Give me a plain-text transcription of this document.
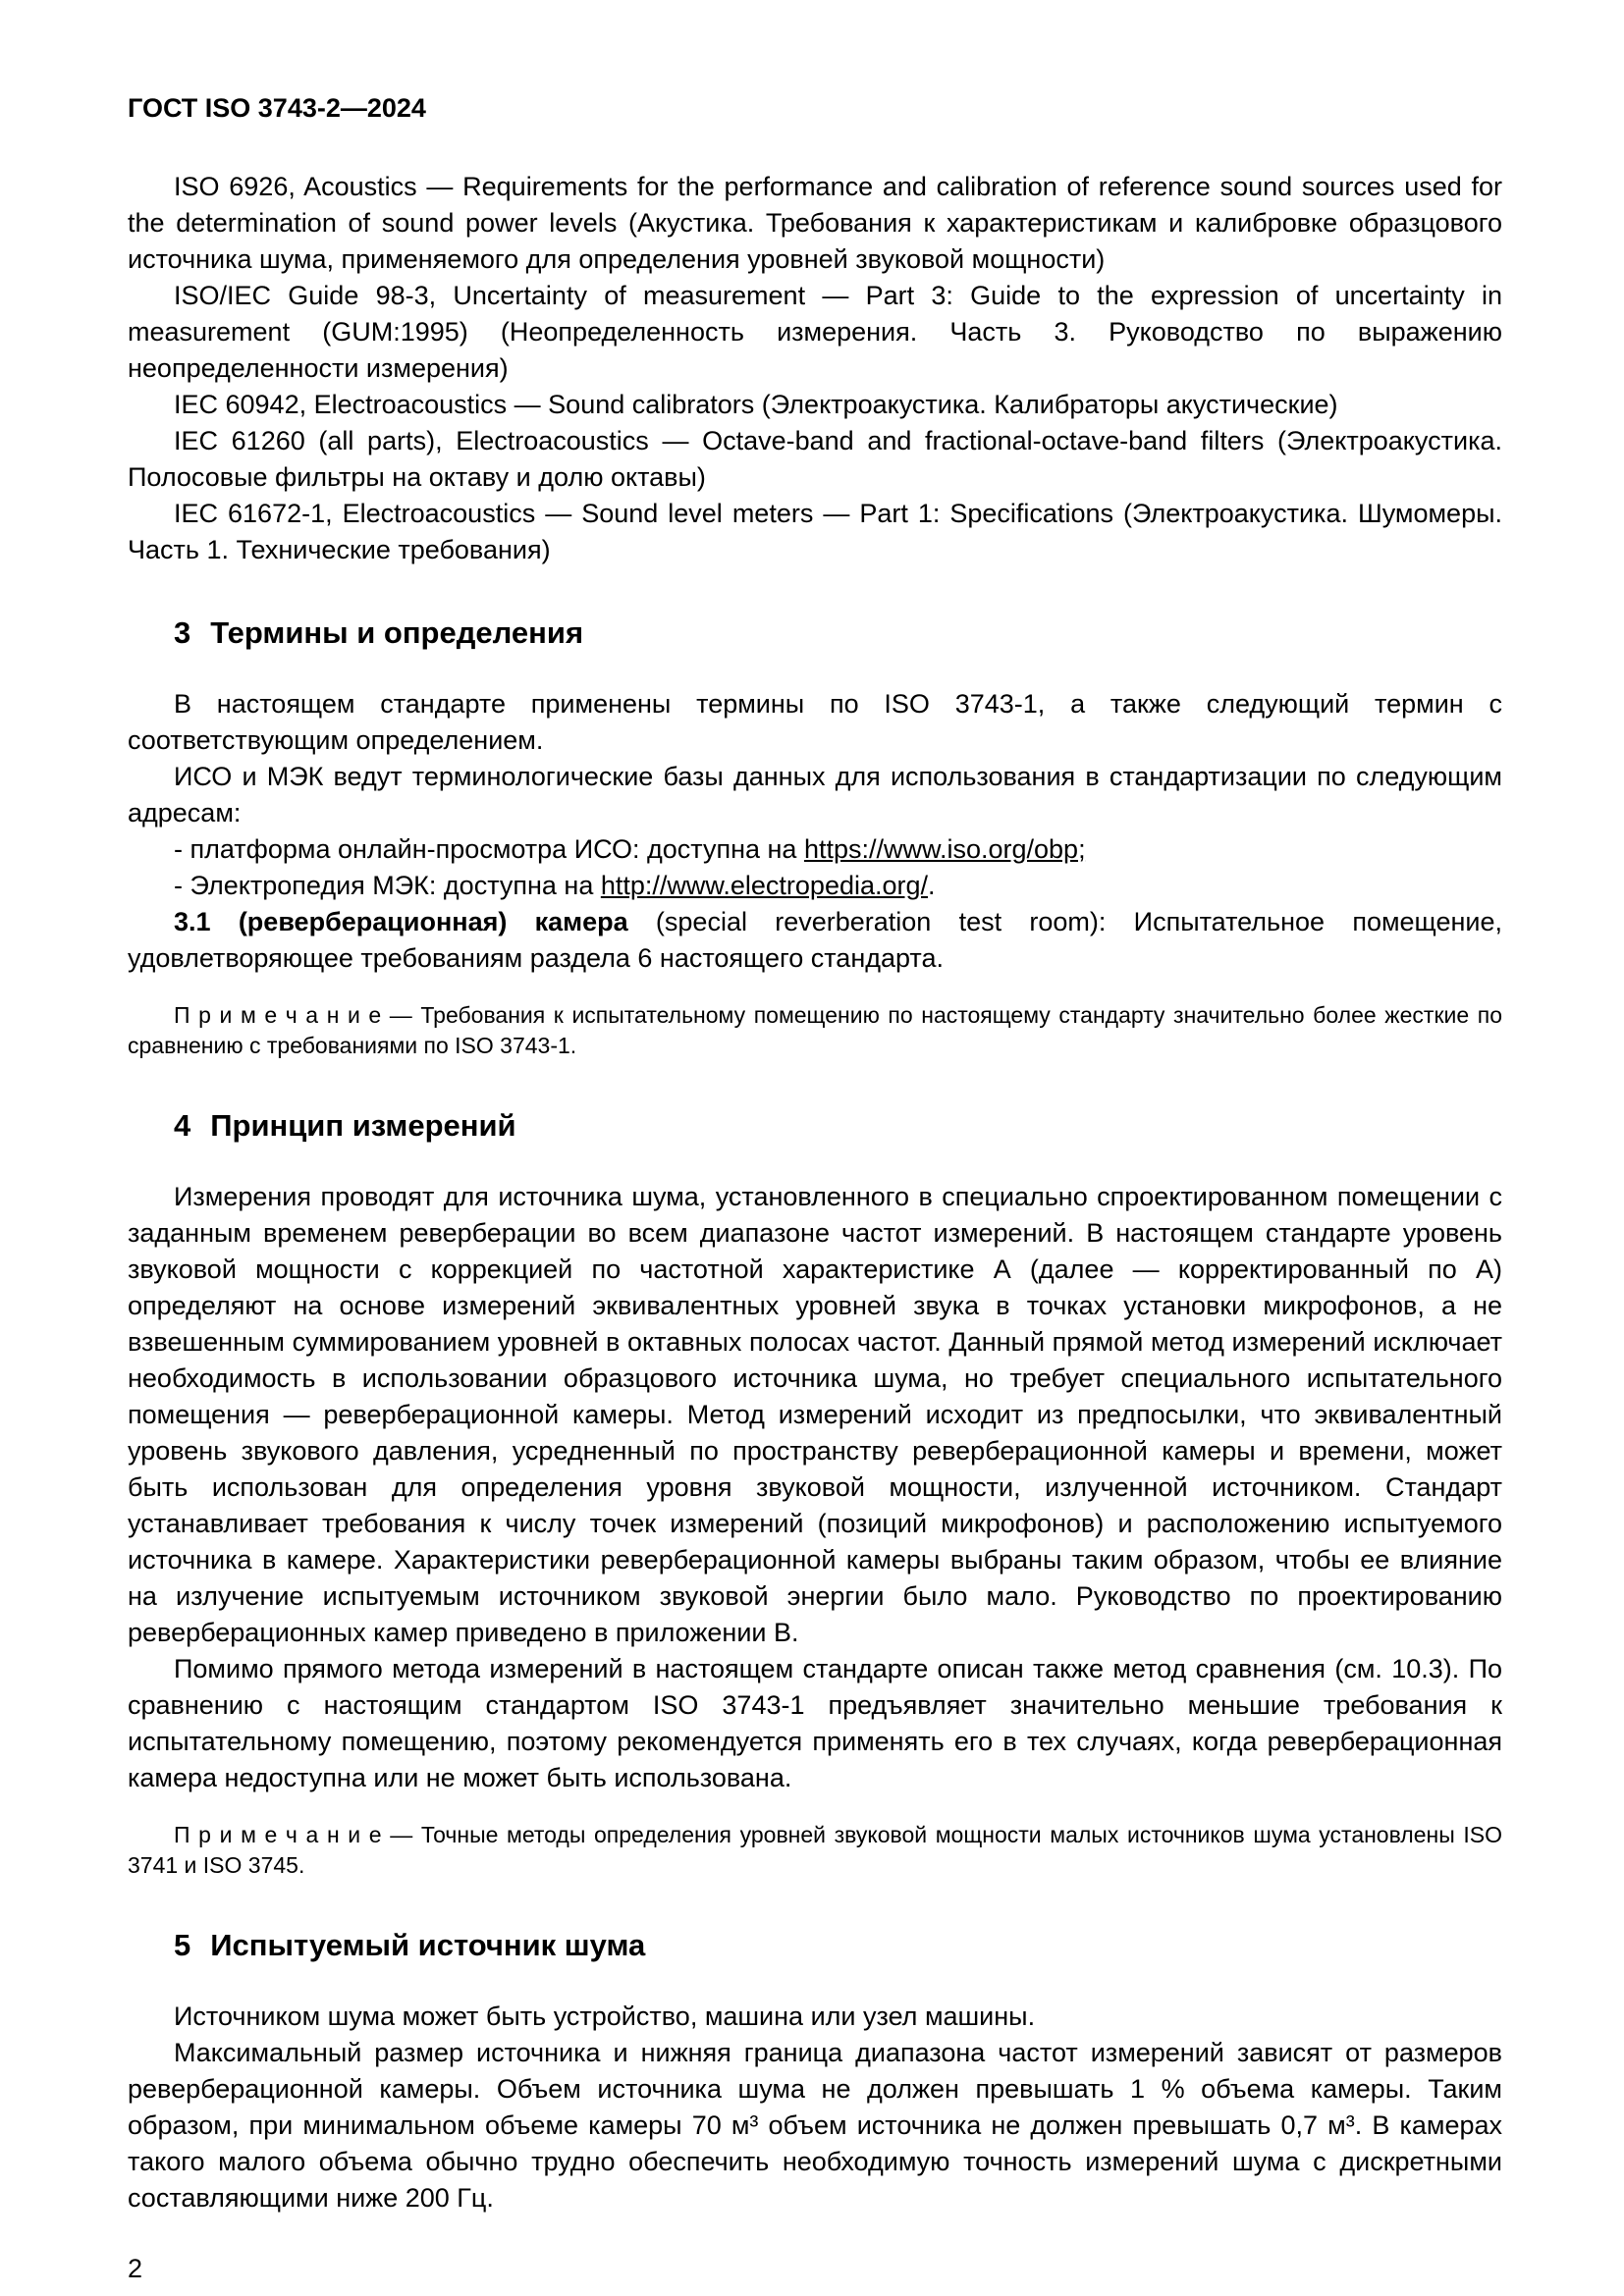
ГОСТ ISO 3743-2—2024

ISO 6926, Acoustics — Requirements for the performance and calibration of reference sound sources used for the determination of sound power levels (Акустика. Требования к характеристикам и калибровке образцового источника шума, применяемого для определения уровней звуковой мощности)

ISO/IEC Guide 98-3, Uncertainty of measurement — Part 3: Guide to the expression of uncertainty in measurement (GUM:1995) (Неопределенность измерения. Часть 3. Руководство по выражению неопределенности измерения)

IEC 60942, Electroacoustics — Sound calibrators (Электроакустика. Калибраторы акустические)

IEC 61260 (all parts), Electroacoustics — Octave-band and fractional-octave-band filters (Электроакустика. Полосовые фильтры на октаву и долю октавы)

IEC 61672-1, Electroacoustics — Sound level meters — Part 1: Specifications (Электроакустика. Шумомеры. Часть 1. Технические требования)

3 Термины и определения

В настоящем стандарте применены термины по ISO 3743-1, а также следующий термин с соответствующим определением.

ИСО и МЭК ведут терминологические базы данных для использования в стандартизации по следующим адресам:

- платформа онлайн-просмотра ИСО: доступна на https://www.iso.org/obp;

- Электропедия МЭК: доступна на http://www.electropedia.org/.

3.1 (реверберационная) камера (special reverberation test room): Испытательное помещение, удовлетворяющее требованиям раздела 6 настоящего стандарта.

П р и м е ч а н и е — Требования к испытательному помещению по настоящему стандарту значительно более жесткие по сравнению с требованиями по ISO 3743-1.

4 Принцип измерений

Измерения проводят для источника шума, установленного в специально спроектированном помещении с заданным временем реверберации во всем диапазоне частот измерений. В настоящем стандарте уровень звуковой мощности с коррекцией по частотной характеристике А (далее — корректированный по А) определяют на основе измерений эквивалентных уровней звука в точках установки микрофонов, а не взвешенным суммированием уровней в октавных полосах частот. Данный прямой метод измерений исключает необходимость в использовании образцового источника шума, но требует специального испытательного помещения — реверберационной камеры. Метод измерений исходит из предпосылки, что эквивалентный уровень звукового давления, усредненный по пространству реверберационной камеры и времени, может быть использован для определения уровня звуковой мощности, излученной источником. Стандарт устанавливает требования к числу точек измерений (позиций микрофонов) и расположению испытуемого источника в камере. Характеристики реверберационной камеры выбраны таким образом, чтобы ее влияние на излучение испытуемым источником звуковой энергии было мало. Руководство по проектированию реверберационных камер приведено в приложении B.

Помимо прямого метода измерений в настоящем стандарте описан также метод сравнения (см. 10.3). По сравнению с настоящим стандартом ISO 3743-1 предъявляет значительно меньшие требования к испытательному помещению, поэтому рекомендуется применять его в тех случаях, когда реверберационная камера недоступна или не может быть использована.

П р и м е ч а н и е — Точные методы определения уровней звуковой мощности малых источников шума установлены ISO 3741 и ISO 3745.

5 Испытуемый источник шума

Источником шума может быть устройство, машина или узел машины.

Максимальный размер источника и нижняя граница диапазона частот измерений зависят от размеров реверберационной камеры. Объем источника шума не должен превышать 1 % объема камеры. Таким образом, при минимальном объеме камеры 70 м³ объем источника не должен превышать 0,7 м³. В камерах такого малого объема обычно трудно обеспечить необходимую точность измерений шума с дискретными составляющими ниже 200 Гц.

2
